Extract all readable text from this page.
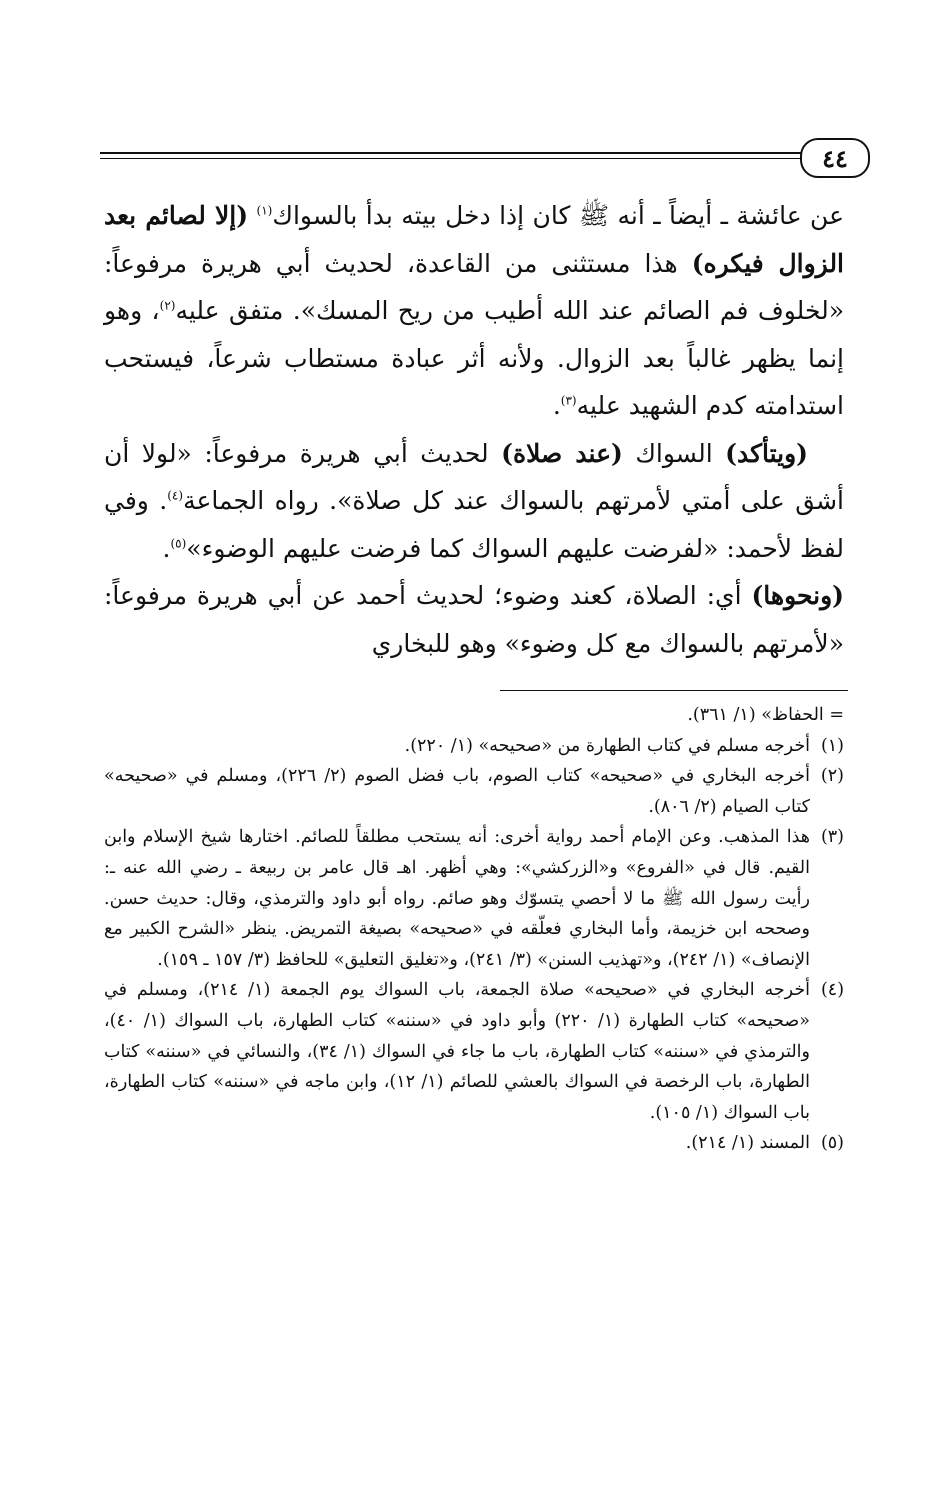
٤٤

عن عائشة ـ أيضاً ـ أنه ﷺ كان إذا دخل بيته بدأ بالسواك$^{(١)}$ (إلا لصائم بعد الزوال فيكره) هذا مستثنى من القاعدة، لحديث أبي هريرة مرفوعاً: «لخلوف فم الصائم عند الله أطيب من ريح المسك». متفق عليه$^{(٢)}$، وهو إنما يظهر غالباً بعد الزوال. ولأنه أثر عبادة مستطاب شرعاً، فيستحب استدامته كدم الشهيد عليه$^{(٣)}$.

(ويتأكد) السواك (عند صلاة) لحديث أبي هريرة مرفوعاً: «لولا أن أشق على أمتي لأمرتهم بالسواك عند كل صلاة». رواه الجماعة$^{(٤)}$. وفي لفظ لأحمد: «لفرضت عليهم السواك كما فرضت عليهم الوضوء»$^{(٥)}$.

(ونحوها) أي: الصلاة، كعند وضوء؛ لحديث أحمد عن أبي هريرة مرفوعاً: «لأمرتهم بالسواك مع كل وضوء» وهو للبخاري

= الحفاظ» (١/ ٣٦١).

(١)أخرجه مسلم في كتاب الطهارة من «صحيحه» (١/ ٢٢٠).

(٢)أخرجه البخاري في «صحيحه» كتاب الصوم، باب فضل الصوم (٢/ ٢٢٦)، ومسلم في «صحيحه» كتاب الصيام (٢/ ٨٠٦).

(٣)هذا المذهب. وعن الإمام أحمد رواية أخرى: أنه يستحب مطلقاً للصائم. اختارها شيخ الإسلام وابن القيم. قال في «الفروع» و«الزركشي»: وهي أظهر. اهـ قال عامر بن ربيعة ـ رضي الله عنه ـ: رأيت رسول الله ﷺ ما لا أحصي يتسوّك وهو صائم. رواه أبو داود والترمذي، وقال: حديث حسن. وصححه ابن خزيمة، وأما البخاري فعلّقه في «صحيحه» بصيغة التمريض. ينظر «الشرح الكبير مع الإنصاف» (١/ ٢٤٢)، و«تهذيب السنن» (٣/ ٢٤١)، و«تغليق التعليق» للحافظ (٣/ ١٥٧ ـ ١٥٩).

(٤)أخرجه البخاري في «صحيحه» صلاة الجمعة، باب السواك يوم الجمعة (١/ ٢١٤)، ومسلم في «صحيحه» كتاب الطهارة (١/ ٢٢٠) وأبو داود في «سننه» كتاب الطهارة، باب السواك (١/ ٤٠)، والترمذي في «سننه» كتاب الطهارة، باب ما جاء في السواك (١/ ٣٤)، والنسائي في «سننه» كتاب الطهارة، باب الرخصة في السواك بالعشي للصائم (١/ ١٢)، وابن ماجه في «سننه» كتاب الطهارة، باب السواك (١/ ١٠٥).

(٥)المسند (١/ ٢١٤).
